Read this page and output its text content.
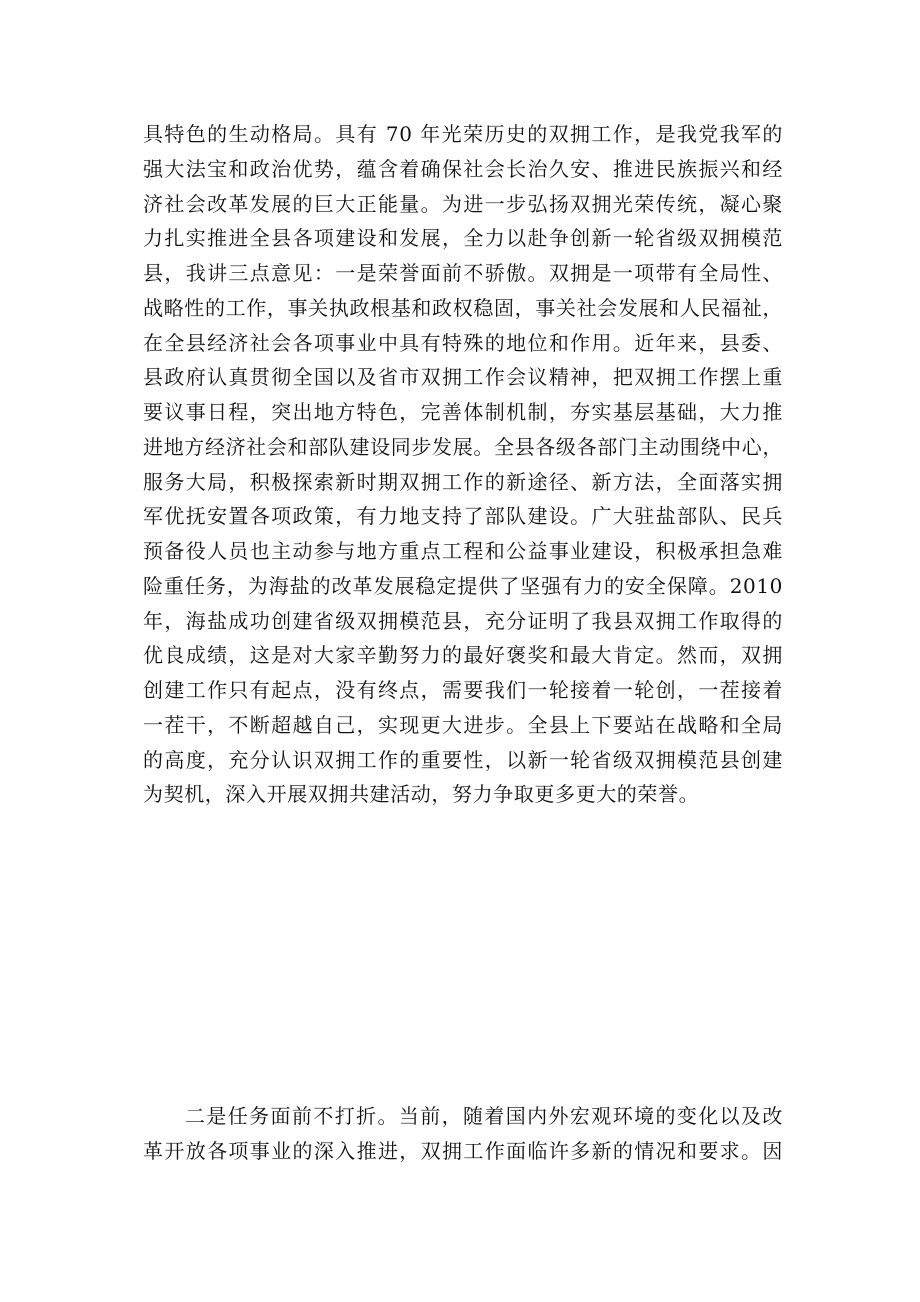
具特色的生动格局。具有 70 年光荣历史的双拥工作，是我党我军的
强大法宝和政治优势，蕴含着确保社会长治久安、推进民族振兴和经
济社会改革发展的巨大正能量。为进一步弘扬双拥光荣传统，凝心聚
力扎实推进全县各项建设和发展，全力以赴争创新一轮省级双拥模范
县，我讲三点意见：一是荣誉面前不骄傲。双拥是一项带有全局性、
战略性的工作，事关执政根基和政权稳固，事关社会发展和人民福祉，
在全县经济社会各项事业中具有特殊的地位和作用。近年来，县委、
县政府认真贯彻全国以及省市双拥工作会议精神，把双拥工作摆上重
要议事日程，突出地方特色，完善体制机制，夯实基层基础，大力推
进地方经济社会和部队建设同步发展。全县各级各部门主动围绕中心，
服务大局，积极探索新时期双拥工作的新途径、新方法，全面落实拥
军优抚安置各项政策，有力地支持了部队建设。广大驻盐部队、民兵
预备役人员也主动参与地方重点工程和公益事业建设，积极承担急难
险重任务，为海盐的改革发展稳定提供了坚强有力的安全保障。2010
年，海盐成功创建省级双拥模范县，充分证明了我县双拥工作取得的
优良成绩，这是对大家辛勤努力的最好褒奖和最大肯定。然而，双拥
创建工作只有起点，没有终点，需要我们一轮接着一轮创，一茬接着
一茬干，不断超越自己，实现更大进步。全县上下要站在战略和全局
的高度，充分认识双拥工作的重要性，以新一轮省级双拥模范县创建
为契机，深入开展双拥共建活动，努力争取更多更大的荣誉。
二是任务面前不打折。当前，随着国内外宏观环境的变化以及改
革开放各项事业的深入推进，双拥工作面临许多新的情况和要求。因
